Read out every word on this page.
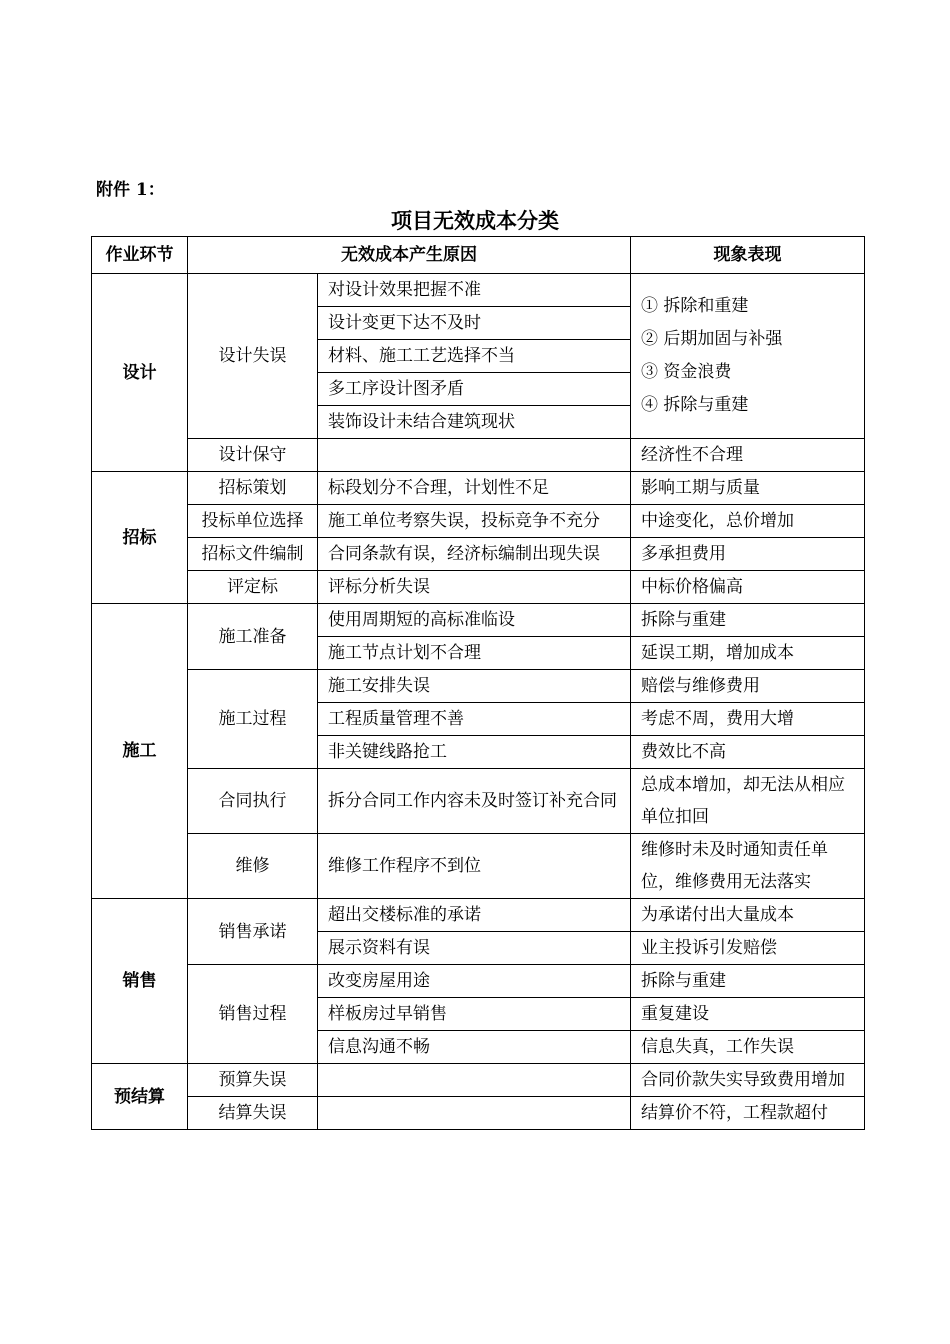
附件 1：
项目无效成本分类
作业环节	无效成本产生原因		现象表现
设计	设计失误	对设计效果把握不准	① 拆除和重建
② 后期加固与补强
③ 资金浪费
④ 拆除与重建

		设计变更下达不及时	
		材料、施工工艺选择不当	
		多工序设计图矛盾	
		装饰设计未结合建筑现状	
	设计保守		经济性不合理
招标	招标策划	标段划分不合理，计划性不足	影响工期与质量
	投标单位选择	施工单位考察失误，投标竞争不充分	中途变化，总价增加
	招标文件编制	合同条款有误，经济标编制出现失误	多承担费用
	评定标	评标分析失误	中标价格偏高
施工	施工准备	使用周期短的高标准临设	拆除与重建
		施工节点计划不合理	延误工期，增加成本
	施工过程	施工安排失误	赔偿与维修费用
		工程质量管理不善	考虑不周，费用大增
		非关键线路抢工	费效比不高
	合同执行	拆分合同工作内容未及时签订补充合同	总成本增加，却无法从相应单位扣回
	维修	维修工作程序不到位	维修时未及时通知责任单位，维修费用无法落实
销售	销售承诺	超出交楼标准的承诺	为承诺付出大量成本
		展示资料有误	业主投诉引发赔偿
	销售过程	改变房屋用途	拆除与重建
		样板房过早销售	重复建设
		信息沟通不畅	信息失真，工作失误
预结算	预算失误		合同价款失实导致费用增加
	结算失误		结算价不符，工程款超付
